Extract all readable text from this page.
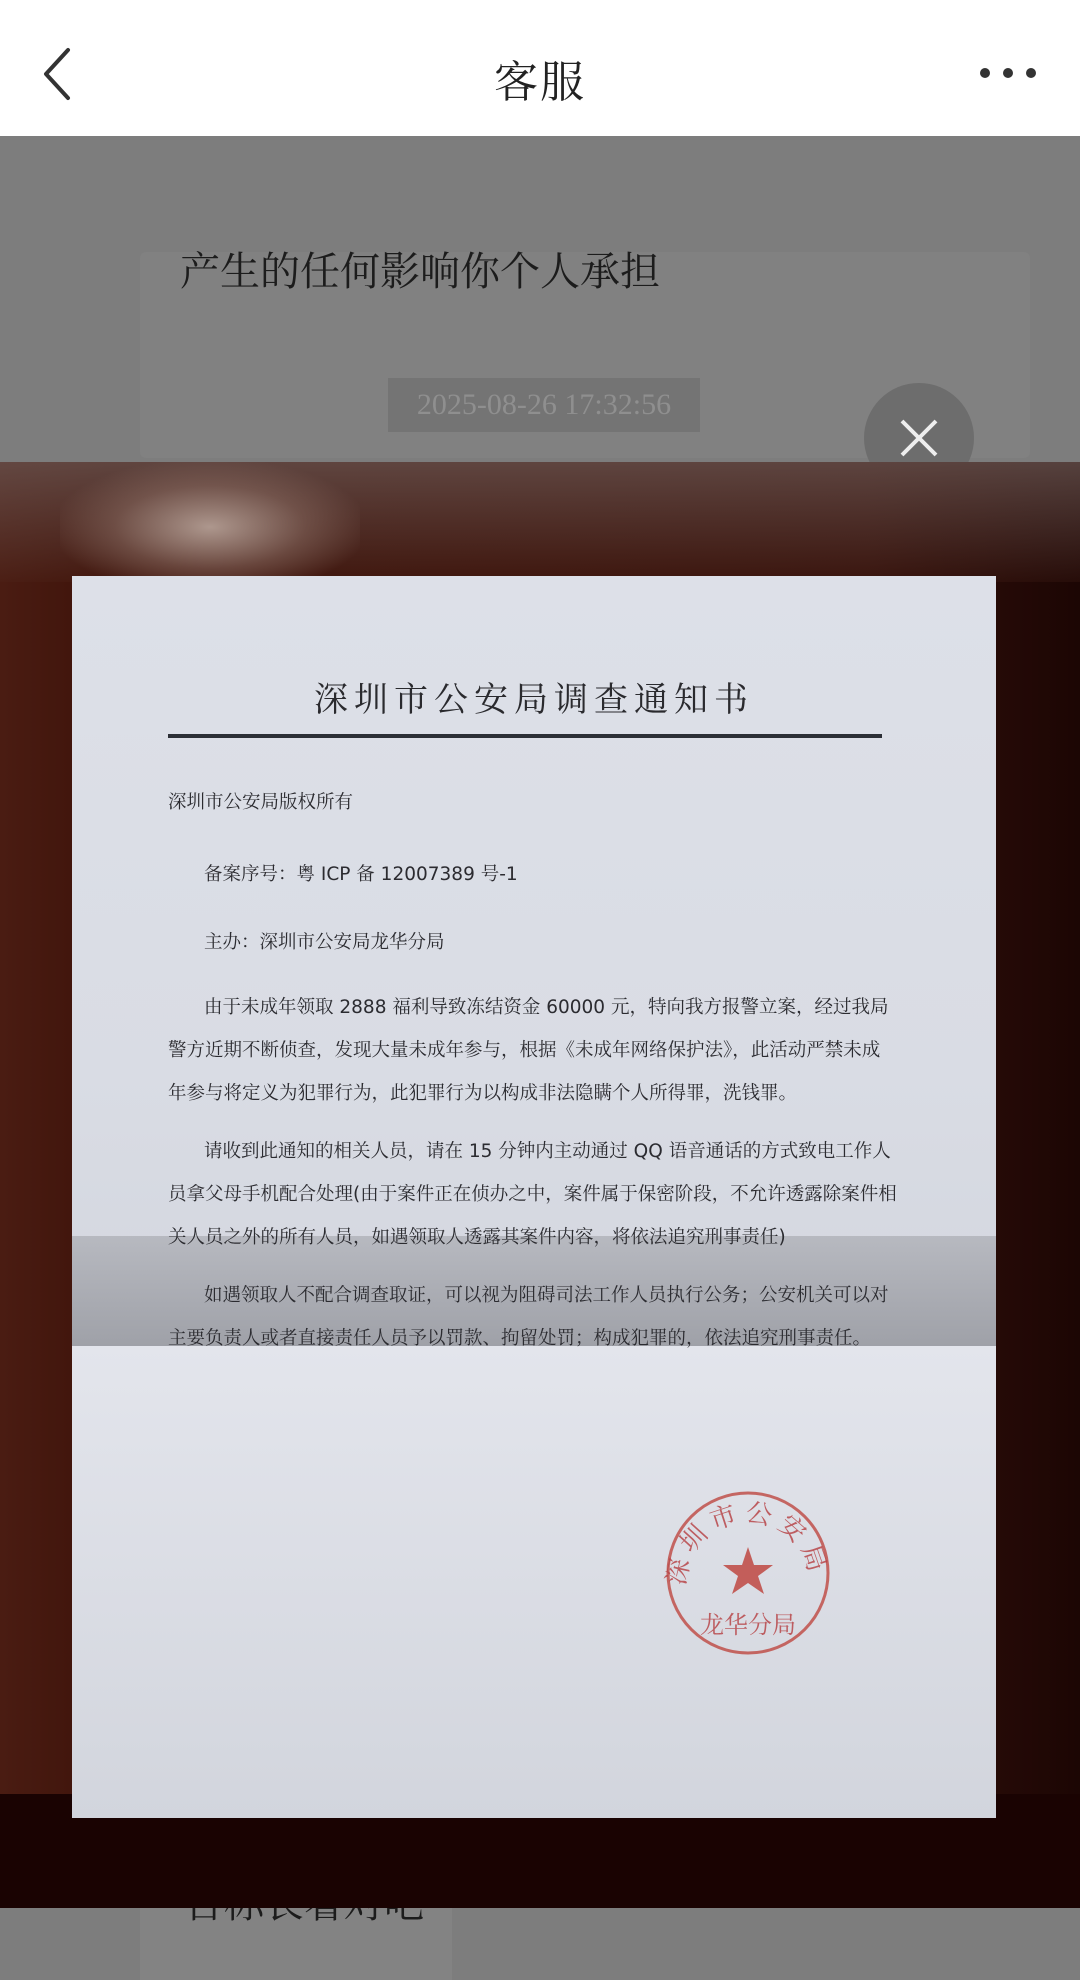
产生的任何影响你个人承担
2025-08-26 17:32:56
客服
深圳市公安局调查通知书
深圳市公安局版权所有
备案序号：粤 ICP 备 12007389 号-1
主办：深圳市公安局龙华分局
由于未成年领取 2888 福利导致冻结资金 60000 元，特向我方报警立案，经过我局警方近期不断侦查，发现大量未成年参与，根据《未成年网络保护法》，此活动严禁未成年参与将定义为犯罪行为，此犯罪行为以构成非法隐瞒个人所得罪，洗钱罪。
请收到此通知的相关人员，请在 15 分钟内主动通过 QQ 语音通话的方式致电工作人员拿父母手机配合处理(由于案件正在侦办之中，案件属于保密阶段，不允许透露除案件相关人员之外的所有人员，如遇领取人透露其案件内容，将依法追究刑事责任)
如遇领取人不配合调查取证，可以视为阻碍司法工作人员执行公务；公安机关可以对主要负责人或者直接责任人员予以罚款、拘留处罚；构成犯罪的，依法追究刑事责任。
深圳市公安局
龙华分局
